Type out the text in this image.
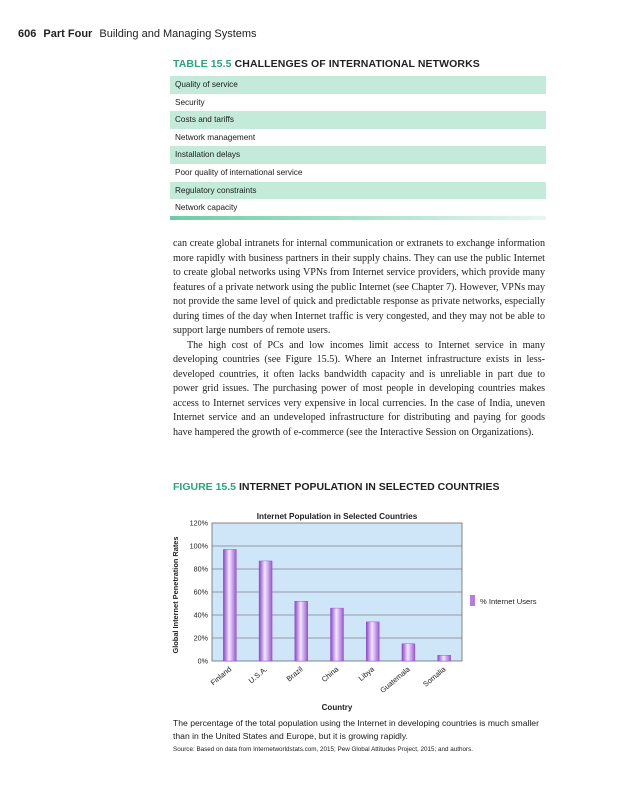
606 Part Four Building and Managing Systems
TABLE 15.5 CHALLENGES OF INTERNATIONAL NETWORKS
Quality of service
Security
Costs and tariffs
Network management
Installation delays
Poor quality of international service
Regulatory constraints
Network capacity

can create global intranets for internal communication or extranets to exchange information more rapidly with business partners in their supply chains. They can use the public Internet to create global networks using VPNs from Internet service providers, which provide many features of a private network using the public Internet (see Chapter 7). However, VPNs may not provide the same level of quick and predictable response as private networks, especially during times of the day when Internet traffic is very congested, and they may not be able to support large numbers of remote users.

The high cost of PCs and low incomes limit access to Internet service in many developing countries (see Figure 15.5). Where an Internet infrastructure exists in less-developed countries, it often lacks bandwidth capacity and is unreliable in part due to power grid issues. The purchasing power of most people in developing countries makes access to Internet services very expensive in local currencies. In the case of India, uneven Internet service and an undeveloped infrastructure for distributing and paying for goods have hampered the growth of e-commerce (see the Interactive Session on Organizations).

FIGURE 15.5 INTERNET POPULATION IN SELECTED COUNTRIES
Internet Population in Selected Countries
0%
20%
40%
60%
80%
100%
120%
Finland U.S.A. Brazil China Libya Guatemala Somalia
Country
Global Internet Penetration Rates	% Internet Users
The percentage of the total population using the Internet in developing countries is much smaller than in the United States and Europe, but it is growing rapidly.
Source: Based on data from Internetworldstats.com, 2015; Pew Global Attitudes Project, 2015; and authors.
